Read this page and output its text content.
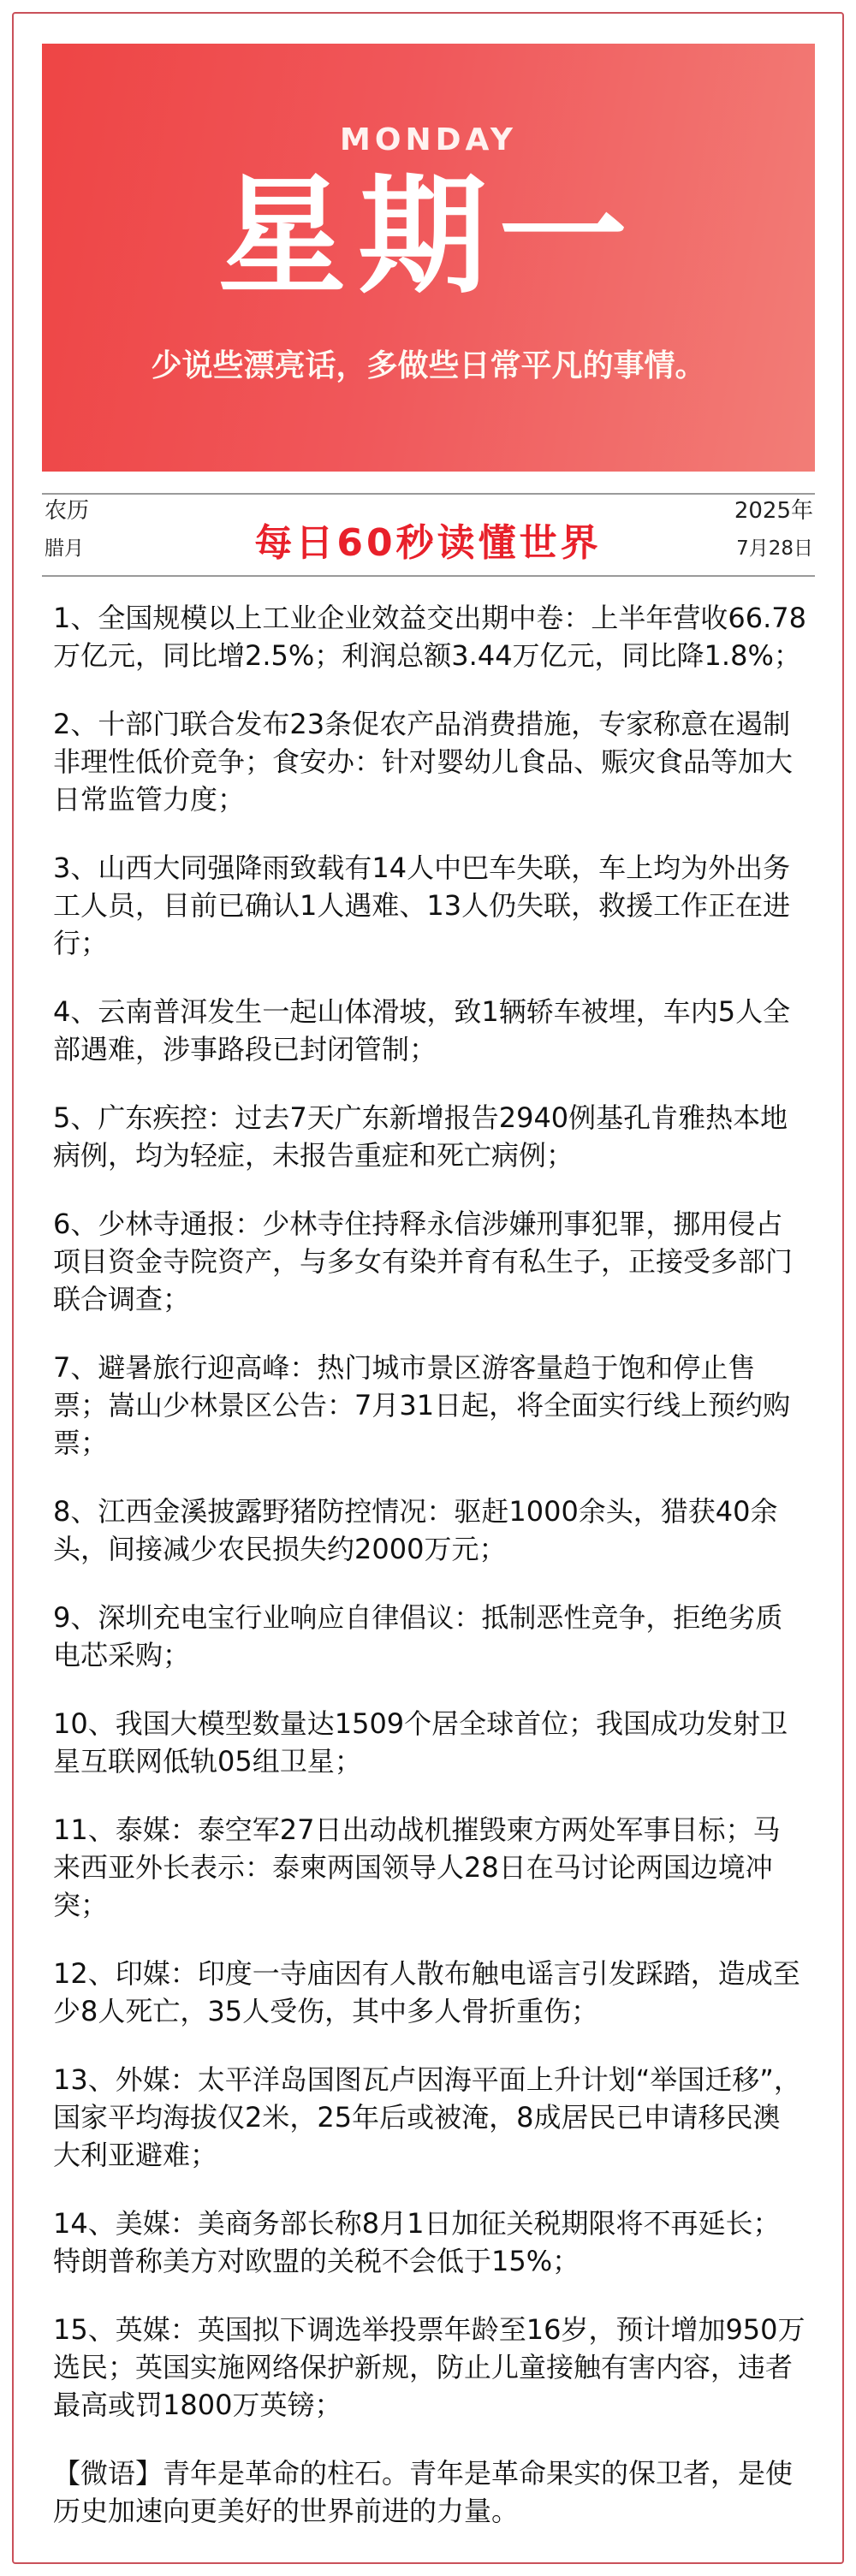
MONDAY
星期一
少说些漂亮话，多做些日常平凡的事情。
农历
腊月	每日60秒读懂世界
2025年
7月28日

1、全国规模以上工业企业效益交出期中卷：上半年营收66.78万亿元，同比增2.5%；利润总额3.44万亿元，同比降1.8%；

2、十部门联合发布23条促农产品消费措施，专家称意在遏制非理性低价竞争；食安办：针对婴幼儿食品、赈灾食品等加大日常监管力度；

3、山西大同强降雨致载有14人中巴车失联，车上均为外出务工人员，目前已确认1人遇难、13人仍失联，救援工作正在进行；

4、云南普洱发生一起山体滑坡，致1辆轿车被埋，车内5人全部遇难，涉事路段已封闭管制；

5、广东疾控：过去7天广东新增报告2940例基孔肯雅热本地病例，均为轻症，未报告重症和死亡病例；

6、少林寺通报：少林寺住持释永信涉嫌刑事犯罪，挪用侵占项目资金寺院资产，与多女有染并育有私生子，正接受多部门联合调查；

7、避暑旅行迎高峰：热门城市景区游客量趋于饱和停止售票；嵩山少林景区公告：7月31日起，将全面实行线上预约购票；

8、江西金溪披露野猪防控情况：驱赶1000余头，猎获40余头，间接减少农民损失约2000万元；

9、深圳充电宝行业响应自律倡议：抵制恶性竞争，拒绝劣质电芯采购；

10、我国大模型数量达1509个居全球首位；我国成功发射卫星互联网低轨05组卫星；

11、泰媒：泰空军27日出动战机摧毁柬方两处军事目标；马来西亚外长表示：泰柬两国领导人28日在马讨论两国边境冲突；

12、印媒：印度一寺庙因有人散布触电谣言引发踩踏，造成至少8人死亡，35人受伤，其中多人骨折重伤；

13、外媒：太平洋岛国图瓦卢因海平面上升计划“举国迁移”，国家平均海拔仅2米，25年后或被淹，8成居民已申请移民澳大利亚避难；

14、美媒：美商务部长称8月1日加征关税期限将不再延长；特朗普称美方对欧盟的关税不会低于15%；

15、英媒：英国拟下调选举投票年龄至16岁，预计增加950万选民；英国实施网络保护新规，防止儿童接触有害内容，违者最高或罚1800万英镑；

【微语】青年是革命的柱石。青年是革命果实的保卫者，是使历史加速向更美好的世界前进的力量。
